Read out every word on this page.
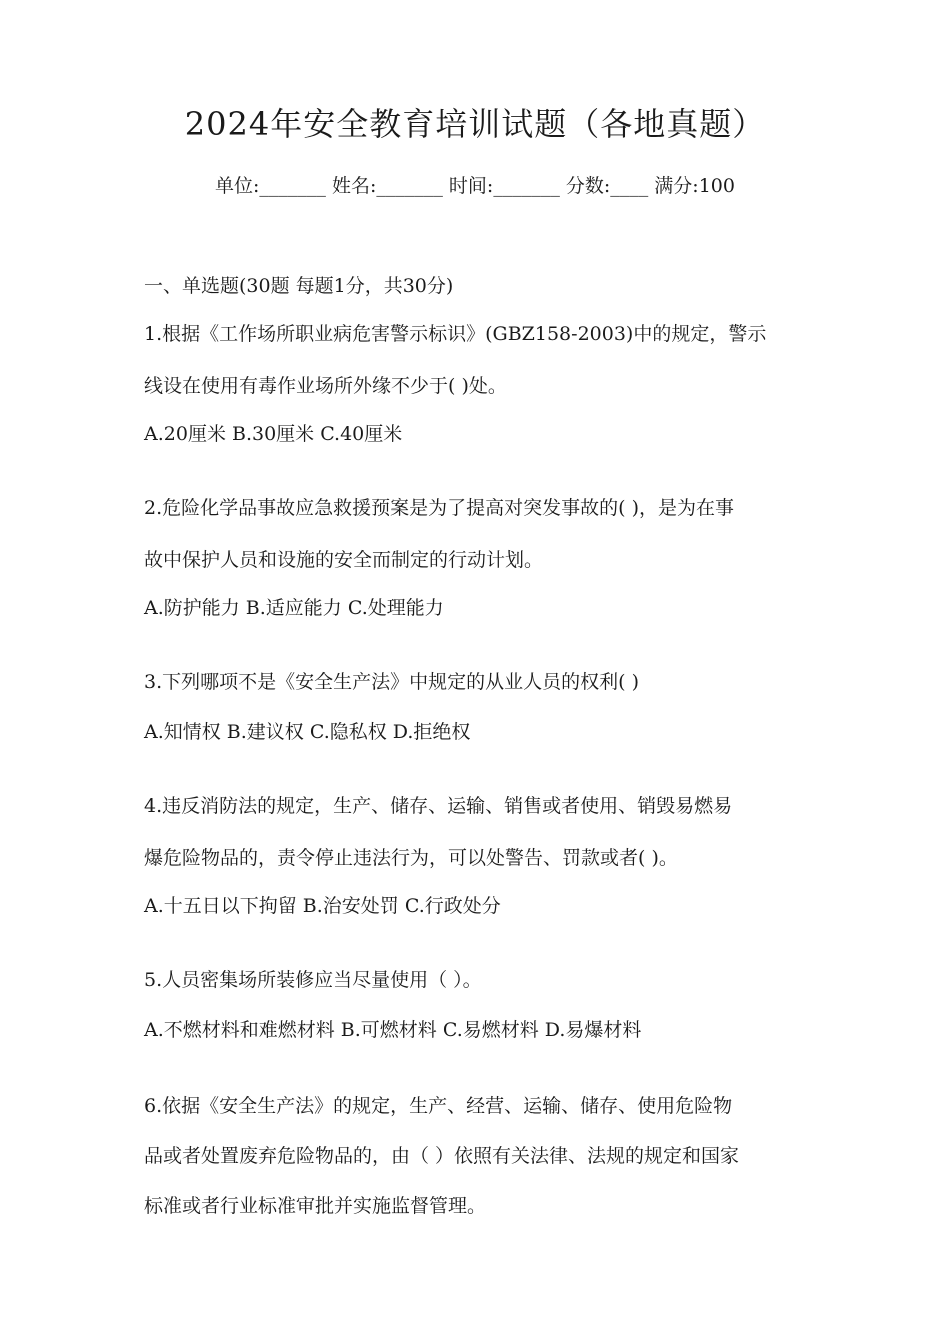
2024年安全教育培训试题（各地真题）
单位:_______ 姓名:_______ 时间:_______ 分数:____ 满分:100
一、单选题(30题 每题1分，共30分)
1.根据《工作场所职业病危害警示标识》(GBZ158-2003)中的规定，警示
线设在使用有毒作业场所外缘不少于( )处。
A.20厘米 B.30厘米 C.40厘米
2.危险化学品事故应急救援预案是为了提高对突发事故的( )，是为在事
故中保护人员和设施的安全而制定的行动计划。
A.防护能力 B.适应能力 C.处理能力
3.下列哪项不是《安全生产法》中规定的从业人员的权利( )
A.知情权 B.建议权 C.隐私权 D.拒绝权
4.违反消防法的规定，生产、储存、运输、销售或者使用、销毁易燃易
爆危险物品的，责令停止违法行为，可以处警告、罚款或者( )。
A.十五日以下拘留 B.治安处罚 C.行政处分
5.人员密集场所装修应当尽量使用（ ）。
A.不燃材料和难燃材料 B.可燃材料 C.易燃材料 D.易爆材料
6.依据《安全生产法》的规定，生产、经营、运输、储存、使用危险物
品或者处置废弃危险物品的，由（ ）依照有关法律、法规的规定和国家
标准或者行业标准审批并实施监督管理。
